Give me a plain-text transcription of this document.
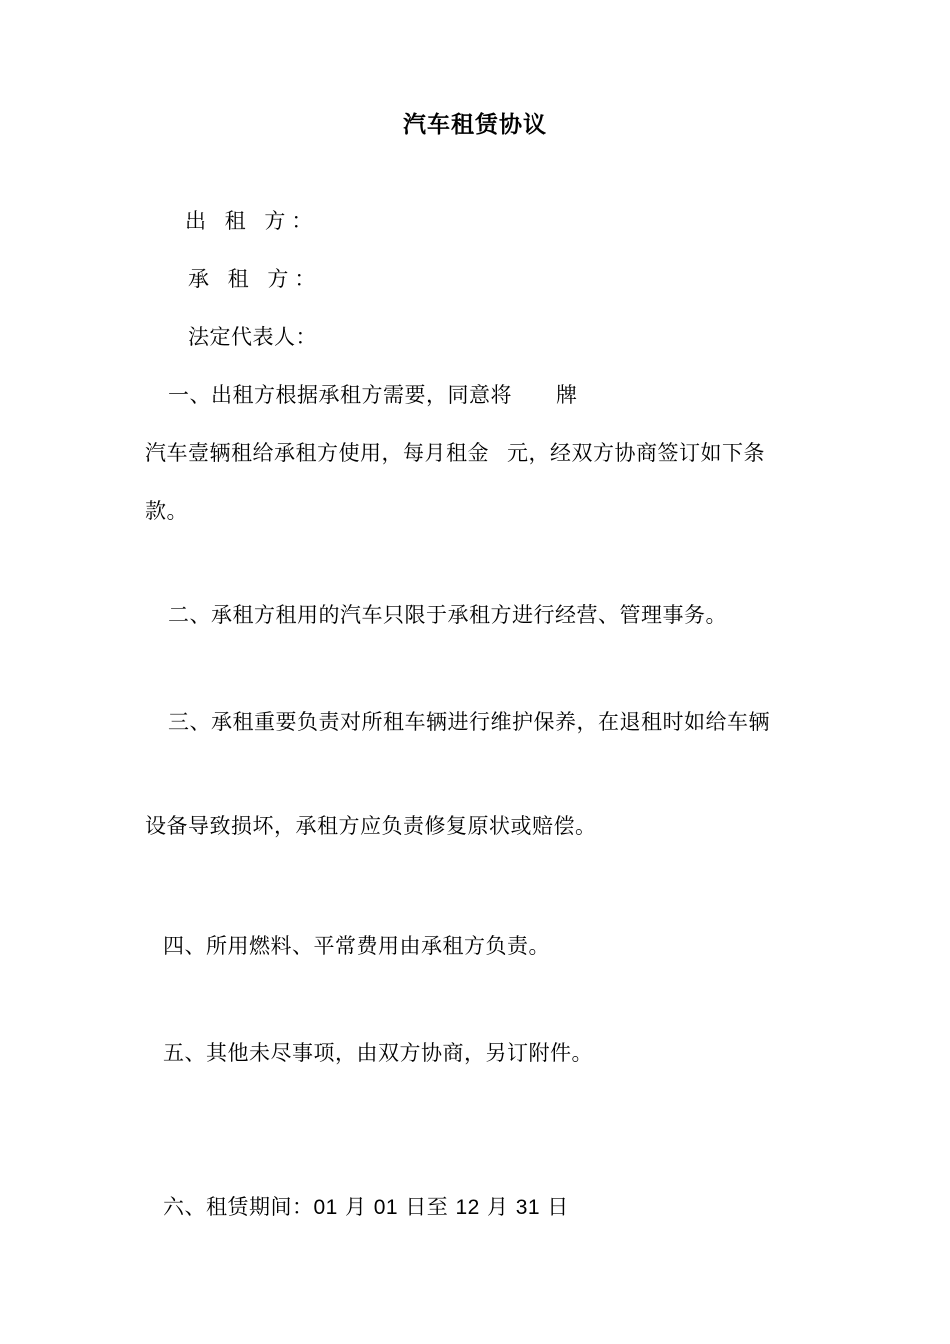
汽车租赁协议
出 租 方：
承 租 方：
法定代表人：
一、出租方根据承租方需要，同意将 牌
汽车壹辆租给承租方使用，每月租金 元，经双方协商签订如下条
款。
二、承租方租用的汽车只限于承租方进行经营、管理事务。
三、承租重要负责对所租车辆进行维护保养，在退租时如给车辆
设备导致损坏，承租方应负责修复原状或赔偿。
四、所用燃料、平常费用由承租方负责。
五、其他未尽事项，由双方协商，另订附件。
六、租赁期间：01 月 01 日至 12 月 31 日
